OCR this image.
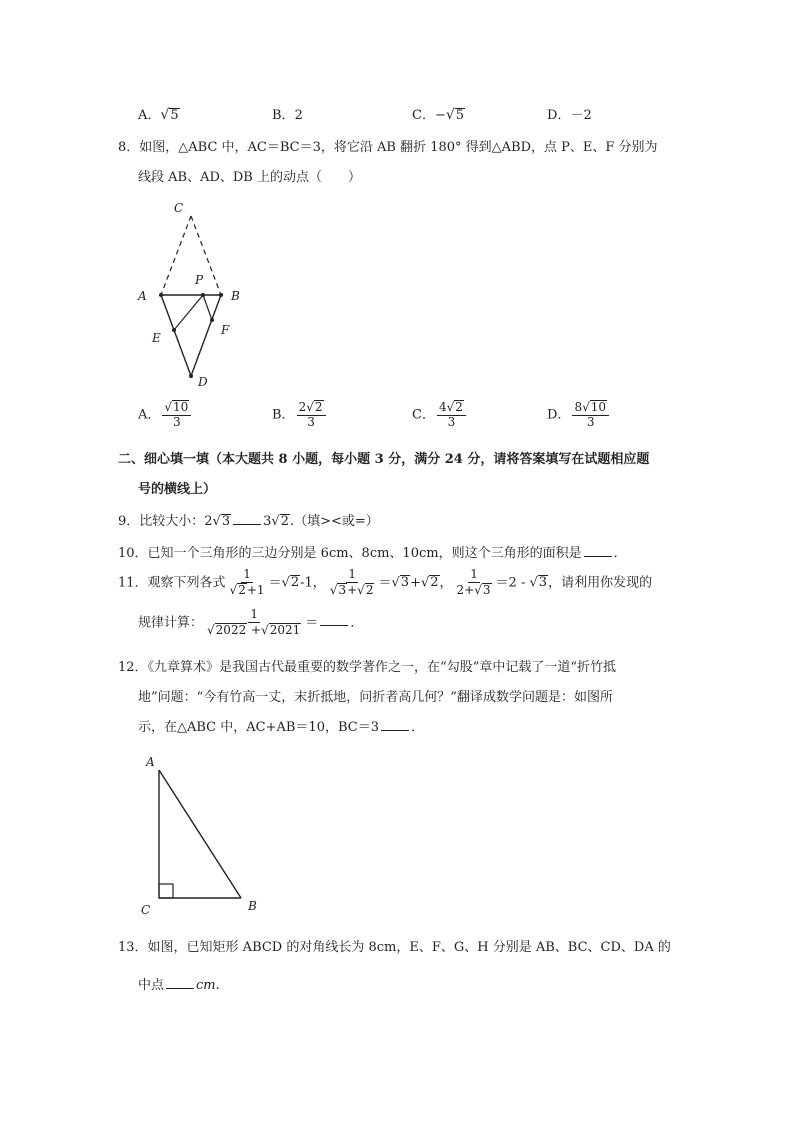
A．√5	B．2	C．−√5	D．－2
8．如图，△ABC 中，AC＝BC＝3，将它沿 AB 翻折 180° 得到△ABD，点 P、E、F 分别为
线段 AB、AD、DB 上的动点（　　）
C
A
P
B
E
F
D
A． $\frac{√10}{3}$	B． $\frac{2√2}{3}$	C． $\frac{4√2}{3}$	D． $\frac{8√10}{3}$
二、细心填一填（本大题共 8 小题，每小题 3 分，满分 24 分，请将答案填写在试题相应题
号的横线上）
9．比较大小：2√3	3√2.（填><或=）
10．已知一个三角形的三边分别是 6cm、8cm、10cm，则这个三角形的面积是 ．
11．观察下列各式 $\frac{1}{√2+1} =√2-1$， $\frac{1}{√3+√2} =√3+√2$， $\frac{1}{2+√3} =2 - √3$，请利用你发现的
规律计算： $\frac{1}{√2022 +√2021}$ ＝ ．
12．《九章算术》是我国古代最重要的数学著作之一，在“勾股”章中记载了一道“折竹抵
地”问题：“今有竹高一丈，末折抵地，问折者高几何？”翻译成数学问题是：如图所
示，在△ABC 中，AC+AB＝10，BC＝3 ．
A
C	B
13．如图，已知矩形 ABCD 的对角线长为 8cm，E、F、G、H 分别是 AB、BC、CD、DA 的
中点 cm.
